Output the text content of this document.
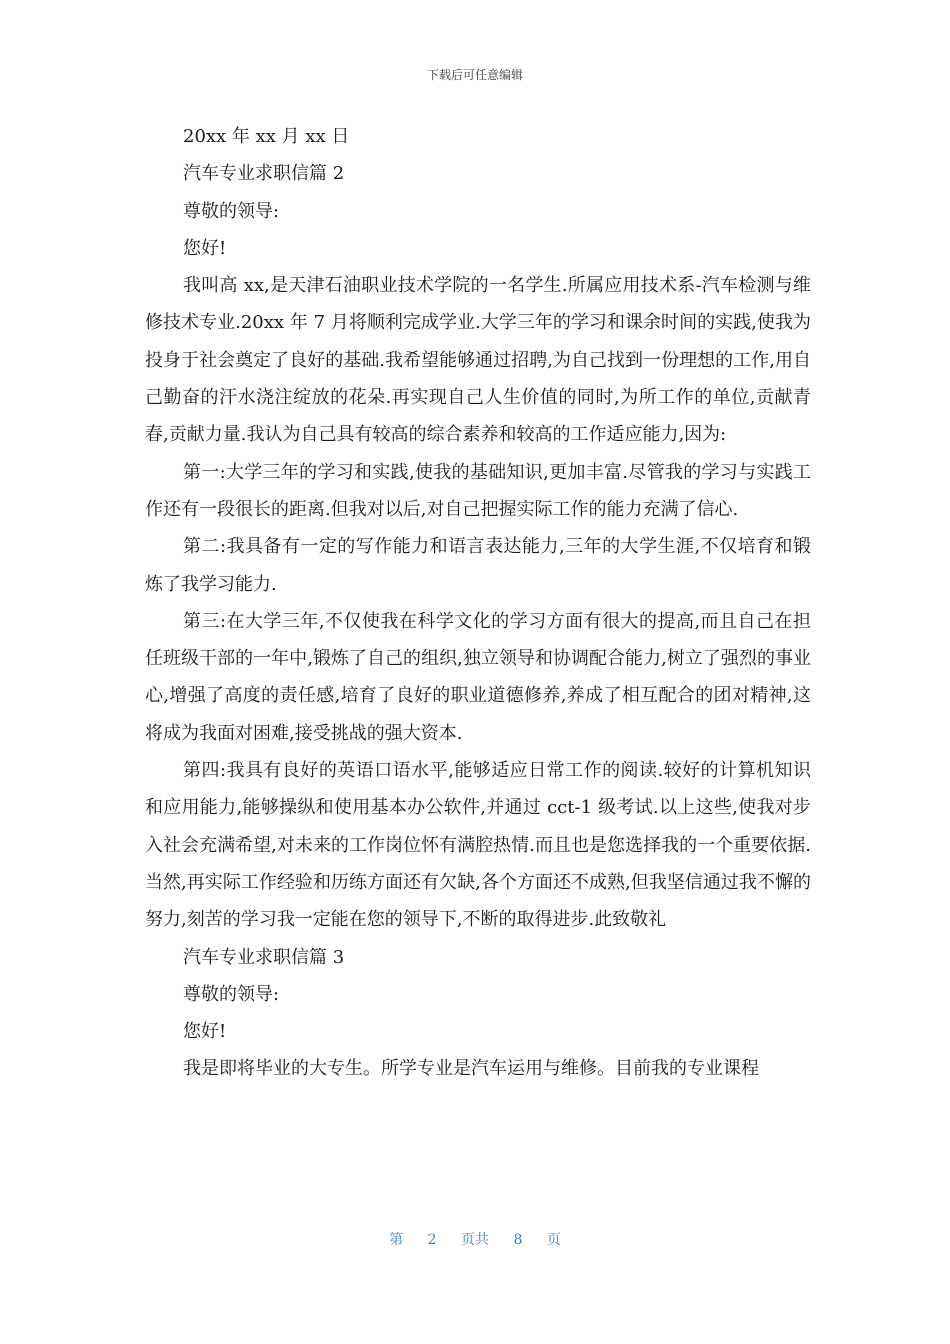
下载后可任意编辑

20xx 年 xx 月 xx 日

汽车专业求职信篇 2

尊敬的领导:

您好!

我叫高 xx,是天津石油职业技术学院的一名学生.所属应用技术系-汽车检测与维修技术专业.20xx 年 7 月将顺利完成学业.大学三年的学习和课余时间的实践,使我为投身于社会奠定了良好的基础.我希望能够通过招聘,为自己找到一份理想的工作,用自己勤奋的汗水浇注绽放的花朵.再实现自己人生价值的同时,为所工作的单位,贡献青春,贡献力量.我认为自己具有较高的综合素养和较高的工作适应能力,因为:

第一:大学三年的学习和实践,使我的基础知识,更加丰富.尽管我的学习与实践工作还有一段很长的距离.但我对以后,对自己把握实际工作的能力充满了信心.

第二:我具备有一定的写作能力和语言表达能力,三年的大学生涯,不仅培育和锻炼了我学习能力.

第三:在大学三年,不仅使我在科学文化的学习方面有很大的提高,而且自己在担任班级干部的一年中,锻炼了自己的组织,独立领导和协调配合能力,树立了强烈的事业心,增强了高度的责任感,培育了良好的职业道德修养,养成了相互配合的团对精神,这将成为我面对困难,接受挑战的强大资本.

第四:我具有良好的英语口语水平,能够适应日常工作的阅读.较好的计算机知识和应用能力,能够操纵和使用基本办公软件,并通过 cct-1 级考试.以上这些,使我对步入社会充满希望,对未来的工作岗位怀有满腔热情.而且也是您选择我的一个重要依据.当然,再实际工作经验和历练方面还有欠缺,各个方面还不成熟,但我坚信通过我不懈的努力,刻苦的学习我一定能在您的领导下,不断的取得进步.此致敬礼

汽车专业求职信篇 3

尊敬的领导:

您好!

我是即将毕业的大专生。所学专业是汽车运用与维修。目前我的专业课程

第 2 页共 8 页
